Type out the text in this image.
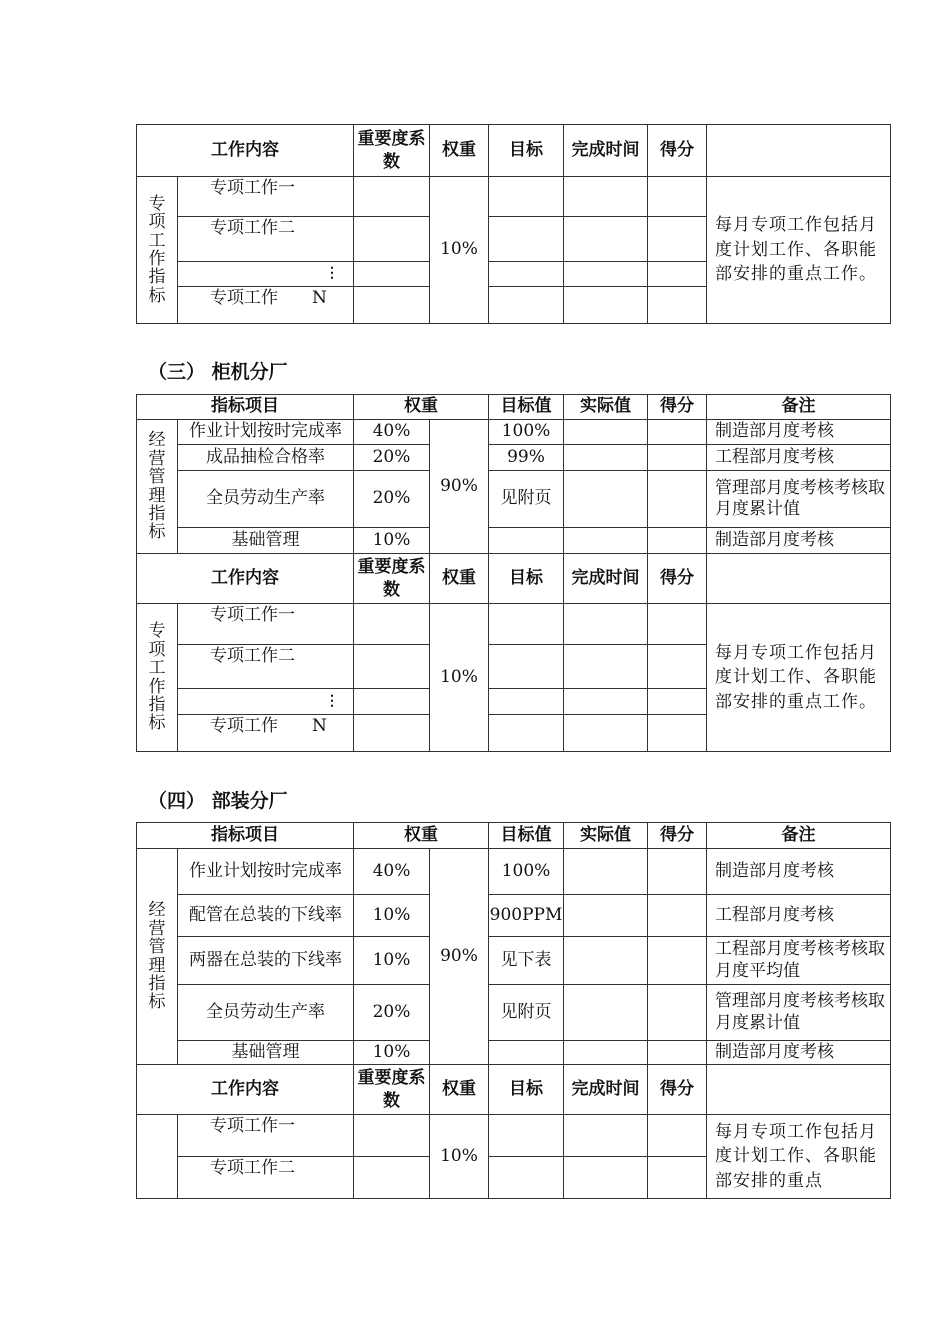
工作内容		重要度系数	权重	目标	完成时间	得分	

专项工作指标	专项工作一		10%				每月专项工作包括月度计划工作、各职能部安排的重点工作。
	专项工作二						
	⋮						
	专项工作　　N						
（三） 柜机分厂
指标项目		权重		目标值	实际值	得分	备注

经营管理指标	作业计划按时完成率	40%	90%	100%			制造部月度考核
	成品抽检合格率	20%		99%			工程部月度考核
	全员劳动生产率	20%		见附页			管理部月度考核考核取月度累计值
	基础管理	10%					制造部月度考核
工作内容		重要度系数	权重	目标	完成时间	得分	

专项工作指标	专项工作一		10%				每月专项工作包括月度计划工作、各职能部安排的重点工作。
	专项工作二						
	⋮						
	专项工作　　N						
（四） 部装分厂
指标项目		权重		目标值	实际值	得分	备注

经营管理指标	作业计划按时完成率	40%	90%	100%			制造部月度考核
	配管在总装的下线率	10%		900PPM			工程部月度考核
	两器在总装的下线率	10%		见下表			工程部月度考核考核取月度平均值
	全员劳动生产率	20%		见附页			管理部月度考核考核取月度累计值
	基础管理	10%					制造部月度考核
工作内容		重要度系数	权重	目标	完成时间	得分	
	专项工作一		10%				每月专项工作包括月度计划工作、各职能部安排的重点
	专项工作二						
